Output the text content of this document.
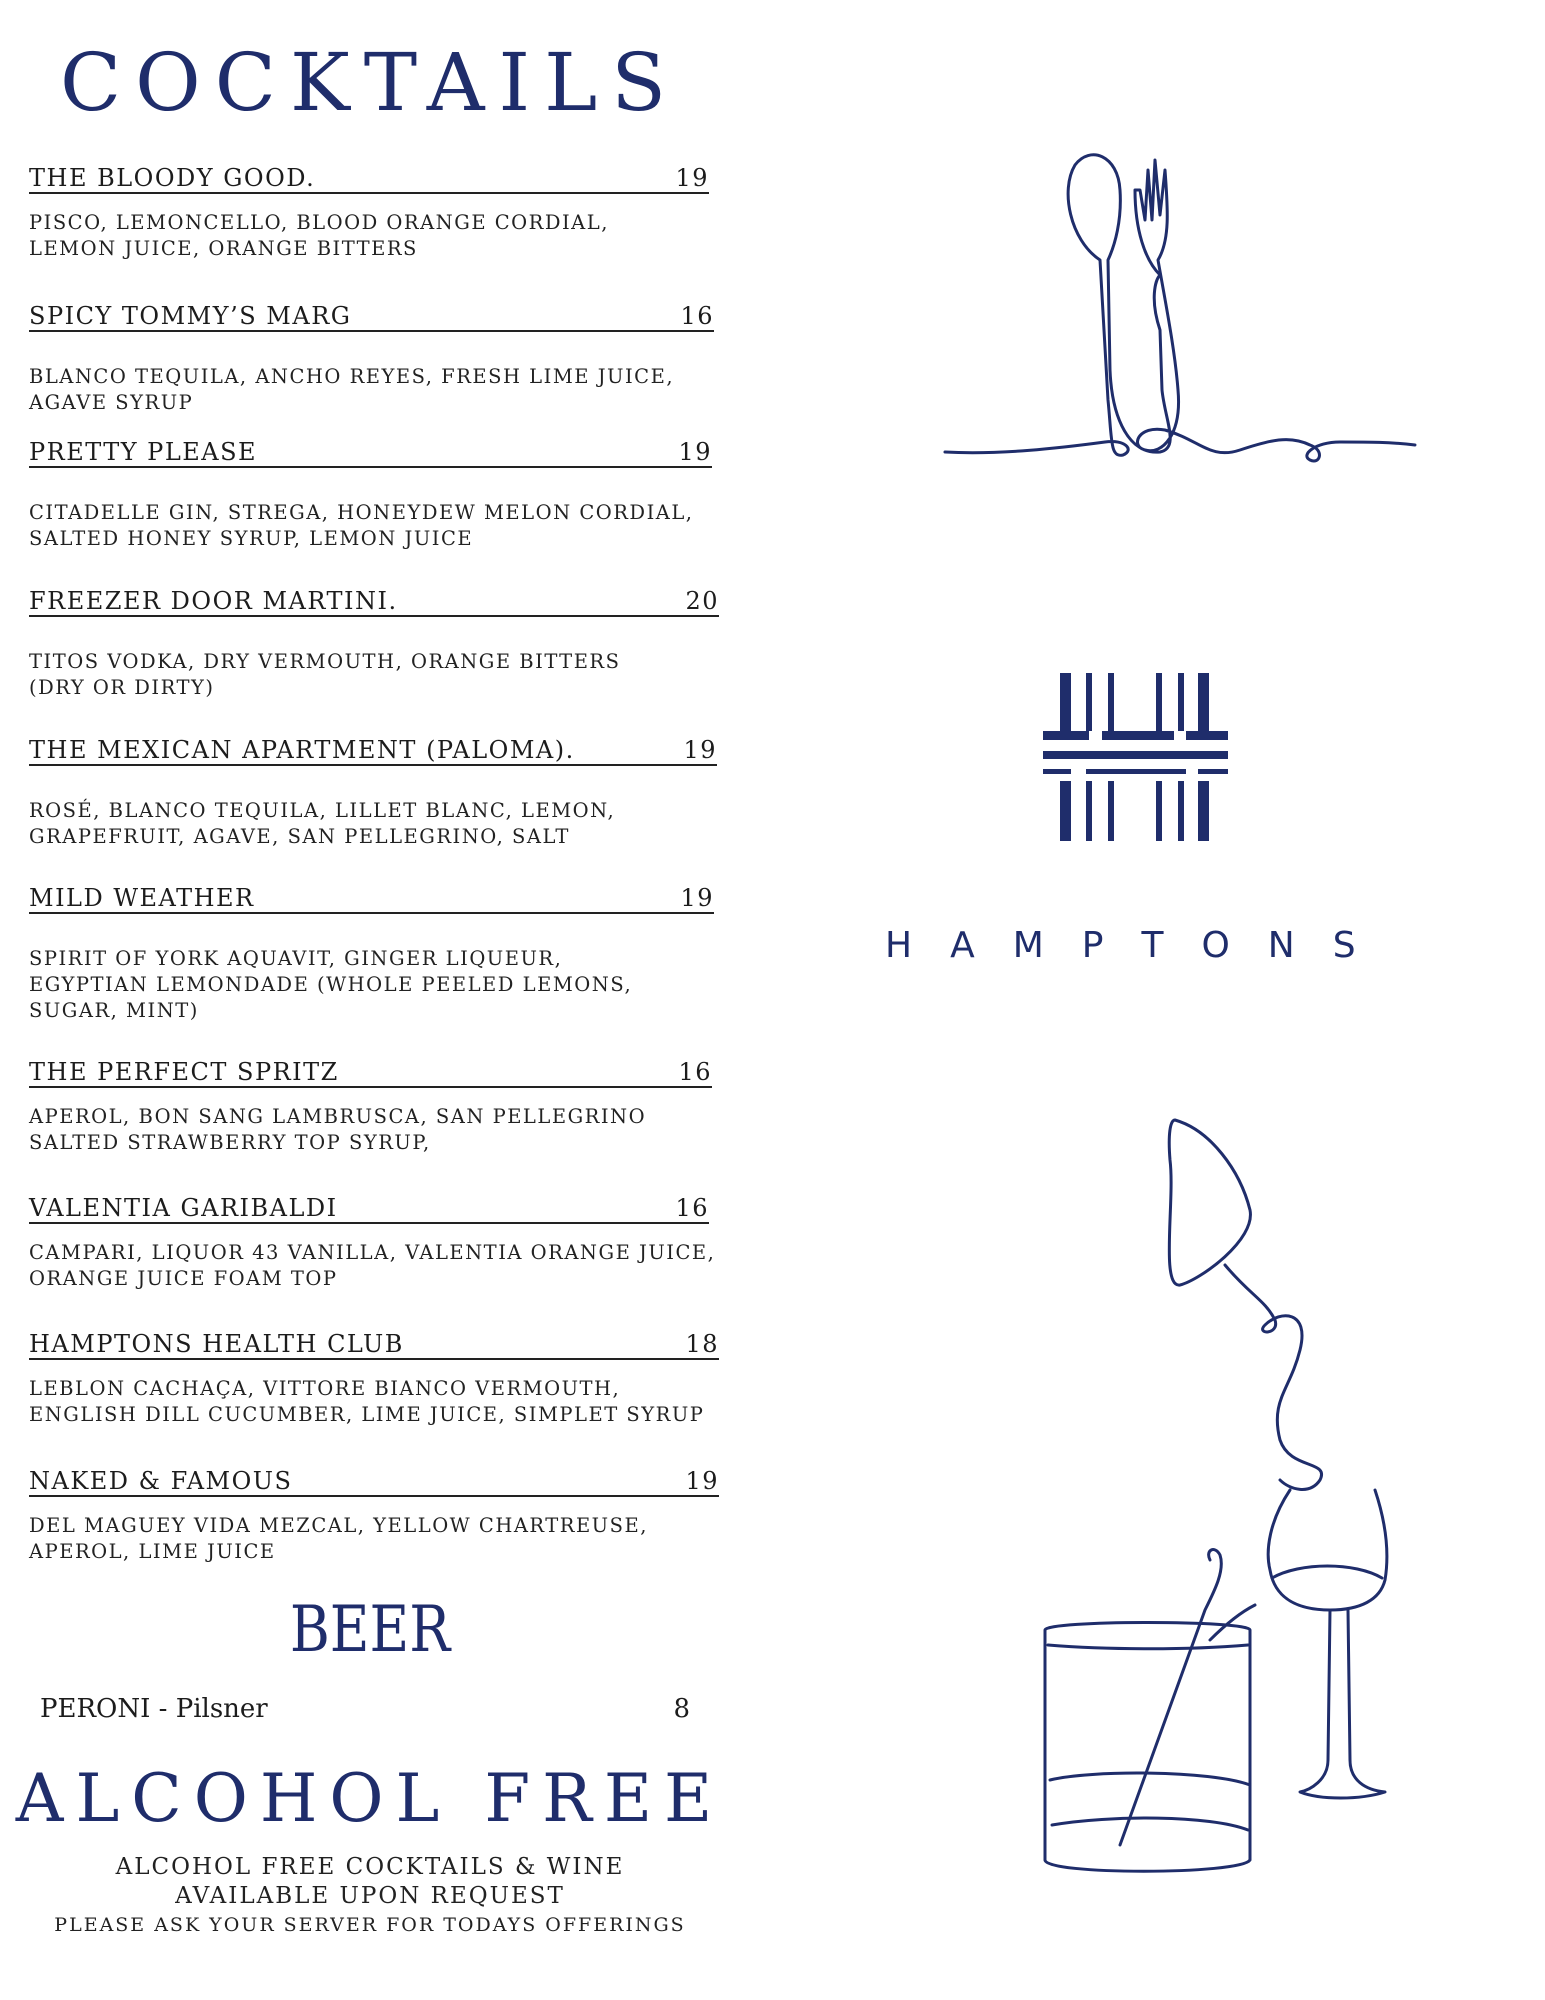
COCKTAILS
THE BLOODY GOOD.	19
PISCO, LEMONCELLO, BLOOD ORANGE CORDIAL,
LEMON JUICE, ORANGE BITTERS
SPICY TOMMY’S MARG	16
BLANCO TEQUILA, ANCHO REYES, FRESH LIME JUICE,
AGAVE SYRUP
PRETTY PLEASE	19
CITADELLE GIN, STREGA, HONEYDEW MELON CORDIAL,
SALTED HONEY SYRUP, LEMON JUICE
FREEZER DOOR MARTINI.	20
TITOS VODKA, DRY VERMOUTH, ORANGE BITTERS
(DRY OR DIRTY)
THE MEXICAN APARTMENT (PALOMA).	19
ROSÉ, BLANCO TEQUILA, LILLET BLANC, LEMON,
GRAPEFRUIT, AGAVE, SAN PELLEGRINO, SALT
MILD WEATHER	19
SPIRIT OF YORK AQUAVIT, GINGER LIQUEUR,
EGYPTIAN LEMONDADE (WHOLE PEELED LEMONS,
SUGAR, MINT)
THE PERFECT SPRITZ	16
APEROL, BON SANG LAMBRUSCA, SAN PELLEGRINO
SALTED STRAWBERRY TOP SYRUP,
VALENTIA GARIBALDI	16
CAMPARI, LIQUOR 43 VANILLA, VALENTIA ORANGE JUICE,
ORANGE JUICE FOAM TOP
HAMPTONS HEALTH CLUB	18
LEBLON CACHAÇA, VITTORE BIANCO VERMOUTH,
ENGLISH DILL CUCUMBER, LIME JUICE, SIMPLET SYRUP
NAKED & FAMOUS	19
DEL MAGUEY VIDA MEZCAL, YELLOW CHARTREUSE,
APEROL, LIME JUICE
BEER
PERONI - Pilsner	8
ALCOHOL FREE
ALCOHOL FREE COCKTAILS & WINE
AVAILABLE UPON REQUEST
PLEASE ASK YOUR SERVER FOR TODAYS OFFERINGS
HAMPTONS
